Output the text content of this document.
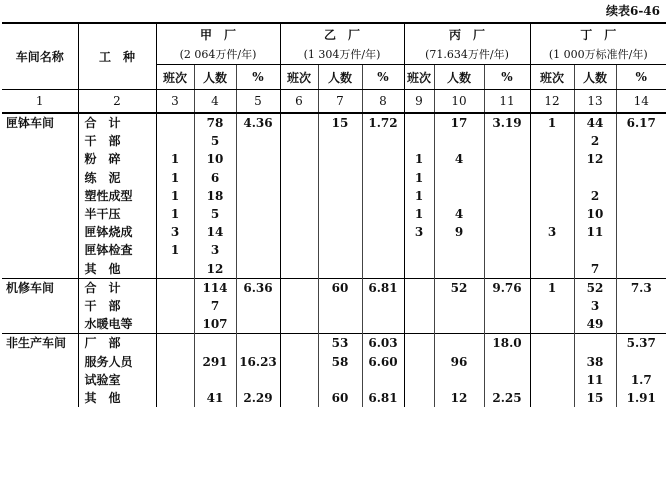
续表6-46
车间名称	工　种	甲　厂			乙　厂			丙　厂			丁　厂		
		(2 064万件/年)			(1 304万件/年)			(71.634万件/年)			(1 000万标准件/年)		
		班次	人数	%	班次	人数	%	班次	人数	%	班次	人数	%
1	2	3	4	5	6	7	8	9	10	11	12	13	14
匣钵车间	合　计		78	4.36		15	1.72		17	3.19	1	44	6.17
	干　部		5									2	
	粉　碎	1	10					1	4			12	
	练　泥	1	6					1					
	塑性成型	1	18					1				2	
	半干压	1	5					1	4			10	
	匣钵烧成	3	14					3	9		3	11	
	匣钵检查	1	3										
	其　他		12									7	
机修车间	合　计		114	6.36		60	6.81		52	9.76	1	52	7.3
	干　部		7									3	
	水暖电等		107									49	
非生产车间	厂　部					53	6.03			18.0			5.37
	服务人员		291	16.23		58	6.60		96			38	
	试验室											11	1.7
	其　他		41	2.29		60	6.81		12	2.25		15	1.91
